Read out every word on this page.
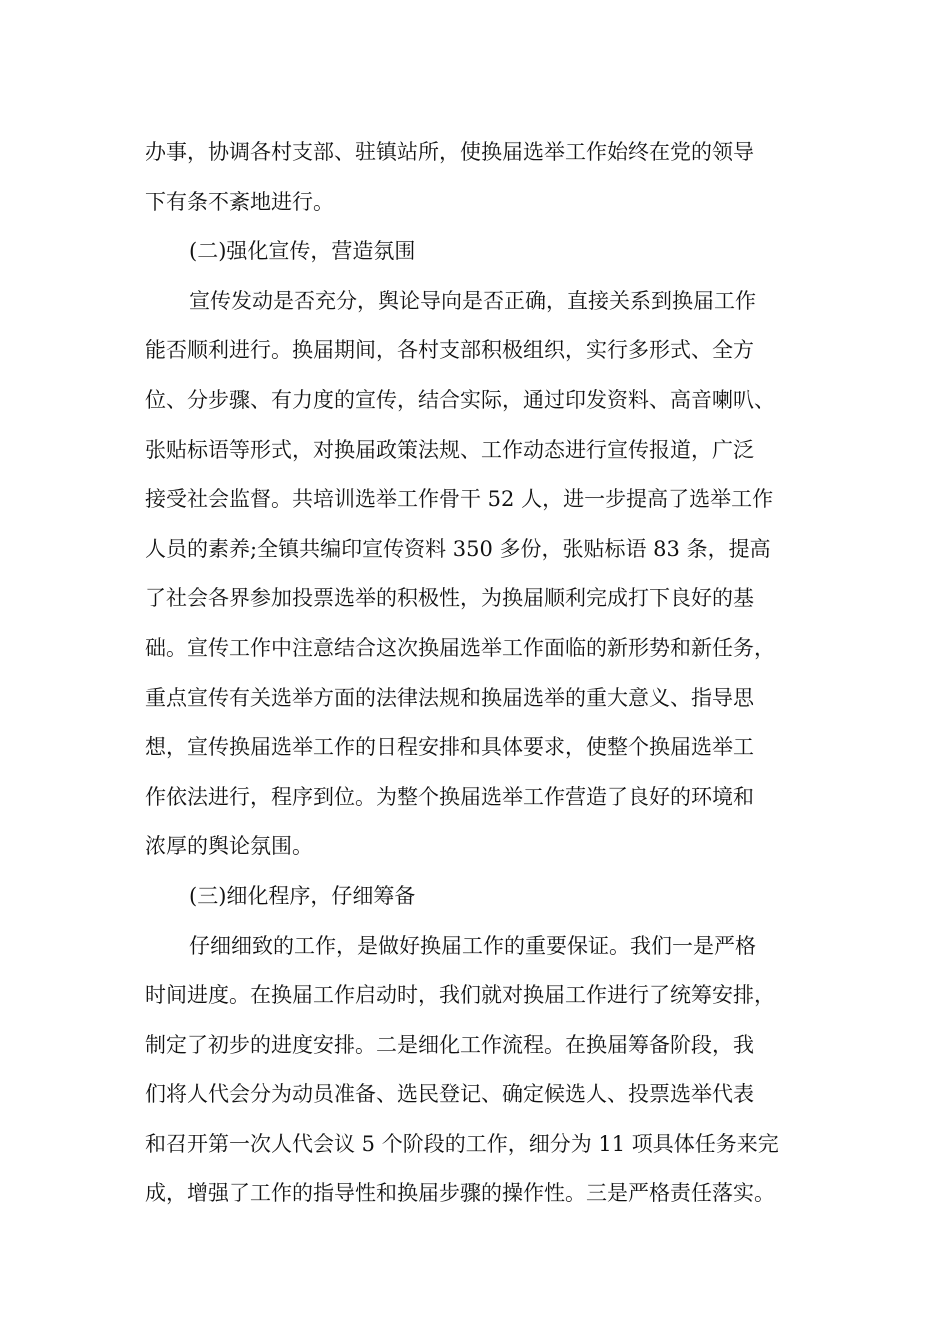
办事，协调各村支部、驻镇站所，使换届选举工作始终在党的领导
下有条不紊地进行。
(二)强化宣传，营造氛围
宣传发动是否充分，舆论导向是否正确，直接关系到换届工作
能否顺利进行。换届期间，各村支部积极组织，实行多形式、全方
位、分步骤、有力度的宣传，结合实际，通过印发资料、高音喇叭、
张贴标语等形式，对换届政策法规、工作动态进行宣传报道，广泛
接受社会监督。共培训选举工作骨干 52 人，进一步提高了选举工作
人员的素养;全镇共编印宣传资料 350 多份，张贴标语 83 条，提高
了社会各界参加投票选举的积极性，为换届顺利完成打下良好的基
础。宣传工作中注意结合这次换届选举工作面临的新形势和新任务，
重点宣传有关选举方面的法律法规和换届选举的重大意义、指导思
想，宣传换届选举工作的日程安排和具体要求，使整个换届选举工
作依法进行，程序到位。为整个换届选举工作营造了良好的环境和
浓厚的舆论氛围。
(三)细化程序，仔细筹备
仔细细致的工作，是做好换届工作的重要保证。我们一是严格
时间进度。在换届工作启动时，我们就对换届工作进行了统筹安排，
制定了初步的进度安排。二是细化工作流程。在换届筹备阶段，我
们将人代会分为动员准备、选民登记、确定候选人、投票选举代表
和召开第一次人代会议 5 个阶段的工作，细分为 11 项具体任务来完
成，增强了工作的指导性和换届步骤的操作性。三是严格责任落实。
